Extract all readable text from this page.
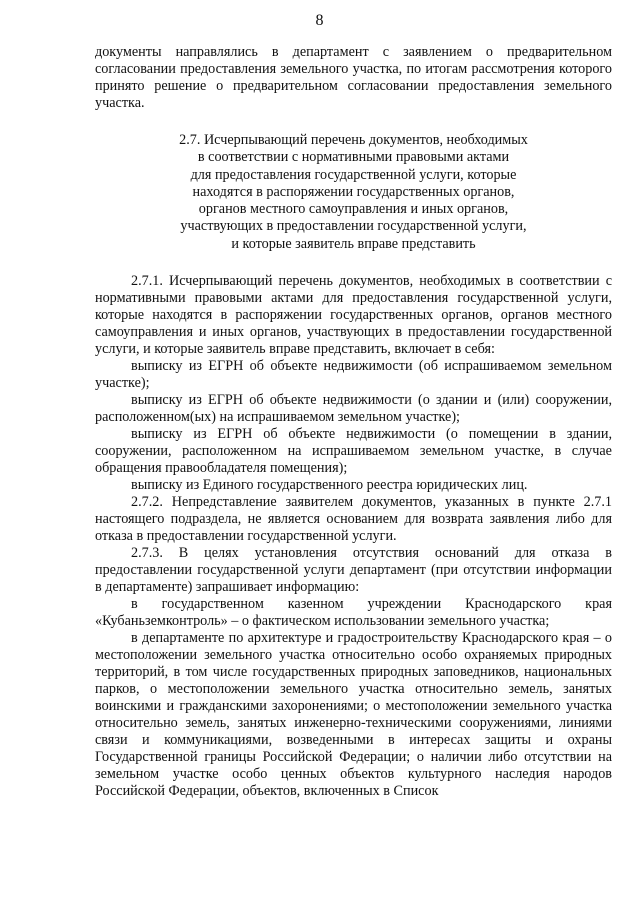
8

документы направлялись в департамент с заявлением о предварительном согласовании предоставления земельного участка, по итогам рассмотрения которого принято решение о предварительном согласовании предоставления земельного участка.

2.7. Исчерпывающий перечень документов, необходимых
в соответствии с нормативными правовыми актами
для предоставления государственной услуги, которые
находятся в распоряжении государственных органов,
органов местного самоуправления и иных органов,
участвующих в предоставлении государственной услуги,
и которые заявитель вправе представить

2.7.1. Исчерпывающий перечень документов, необходимых в соответствии с нормативными правовыми актами для предоставления государственной услуги, которые находятся в распоряжении государственных органов, органов местного самоуправления и иных органов, участвующих в предоставлении государственной услуги, и которые заявитель вправе представить, включает в себя:

выписку из ЕГРН об объекте недвижимости (об испрашиваемом земельном участке);

выписку из ЕГРН об объекте недвижимости (о здании и (или) сооружении, расположенном(ых) на испрашиваемом земельном участке);

выписку из ЕГРН об объекте недвижимости (о помещении в здании, сооружении, расположенном на испрашиваемом земельном участке, в случае обращения правообладателя помещения);

выписку из Единого государственного реестра юридических лиц.

2.7.2. Непредставление заявителем документов, указанных в пункте 2.7.1 настоящего подраздела, не является основанием для возврата заявления либо для отказа в предоставлении государственной услуги.

2.7.3. В целях установления отсутствия оснований для отказа в предоставлении государственной услуги департамент (при отсутствии информации в департаменте) запрашивает информацию:

в государственном казенном учреждении Краснодарского края «Кубаньземконтроль» – о фактическом использовании земельного участка;

в департаменте по архитектуре и градостроительству Краснодарского края – о местоположении земельного участка относительно особо охраняемых природных территорий, в том числе государственных природных заповедников, национальных парков, о местоположении земельного участка относительно земель, занятых воинскими и гражданскими захоронениями; о местоположении земельного участка относительно земель, занятых инженерно-техническими сооружениями, линиями связи и коммуникациями, возведенными в интересах защиты и охраны Государственной границы Российской Федерации; о наличии либо отсутствии на земельном участке особо ценных объектов культурного наследия народов Российской Федерации, объектов, включенных в Список
